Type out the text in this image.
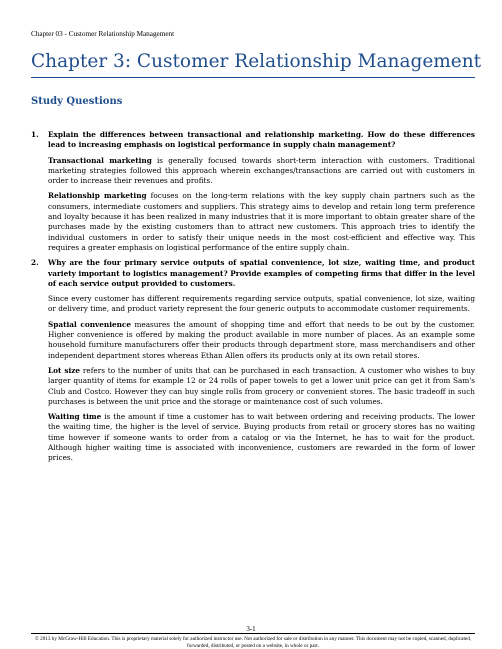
Chapter 03 - Customer Relationship Management
Chapter 3: Customer Relationship Management
Study Questions
1. Explain the differences between transactional and relationship marketing. How do these differences lead to increasing emphasis on logistical performance in supply chain management?

Transactional marketing is generally focused towards short-term interaction with customers. Traditional marketing strategies followed this approach wherein exchanges/transactions are carried out with customers in order to increase their revenues and profits.

Relationship marketing focuses on the long-term relations with the key supply chain partners such as the consumers, intermediate customers and suppliers. This strategy aims to develop and retain long term preference and loyalty because it has been realized in many industries that it is more important to obtain greater share of the purchases made by the existing customers than to attract new customers. This approach tries to identify the individual customers in order to satisfy their unique needs in the most cost-efficient and effective way. This requires a greater emphasis on logistical performance of the entire supply chain.

2. Why are the four primary service outputs of spatial convenience, lot size, waiting time, and product variety important to logistics management? Provide examples of competing firms that differ in the level of each service output provided to customers.

Since every customer has different requirements regarding service outputs, spatial convenience, lot size, waiting or delivery time, and product variety represent the four generic outputs to accommodate customer requirements.

Spatial convenience measures the amount of shopping time and effort that needs to be out by the customer. Higher convenience is offered by making the product available in more number of places. As an example some household furniture manufacturers offer their products through department store, mass merchandisers and other independent department stores whereas Ethan Allen offers its products only at its own retail stores.

Lot size refers to the number of units that can be purchased in each transaction. A customer who wishes to buy larger quantity of items for example 12 or 24 rolls of paper towels to get a lower unit price can get it from Sam's Club and Costco. However they can buy single rolls from grocery or convenient stores. The basic tradeoff in such purchases is between the unit price and the storage or maintenance cost of such volumes.

Waiting time is the amount if time a customer has to wait between ordering and receiving products. The lower the waiting time, the higher is the level of service. Buying products from retail or grocery stores has no waiting time however if someone wants to order from a catalog or via the Internet, he has to wait for the product. Although higher waiting time is associated with inconvenience, customers are rewarded in the form of lower prices.

3-1
© 2013 by McGraw-Hill Education. This is proprietary material solely for authorized instructor use. Not authorized for sale or distribution in any manner. This document may not be copied, scanned, duplicated, forwarded, distributed, or posted on a website, in whole or part.
